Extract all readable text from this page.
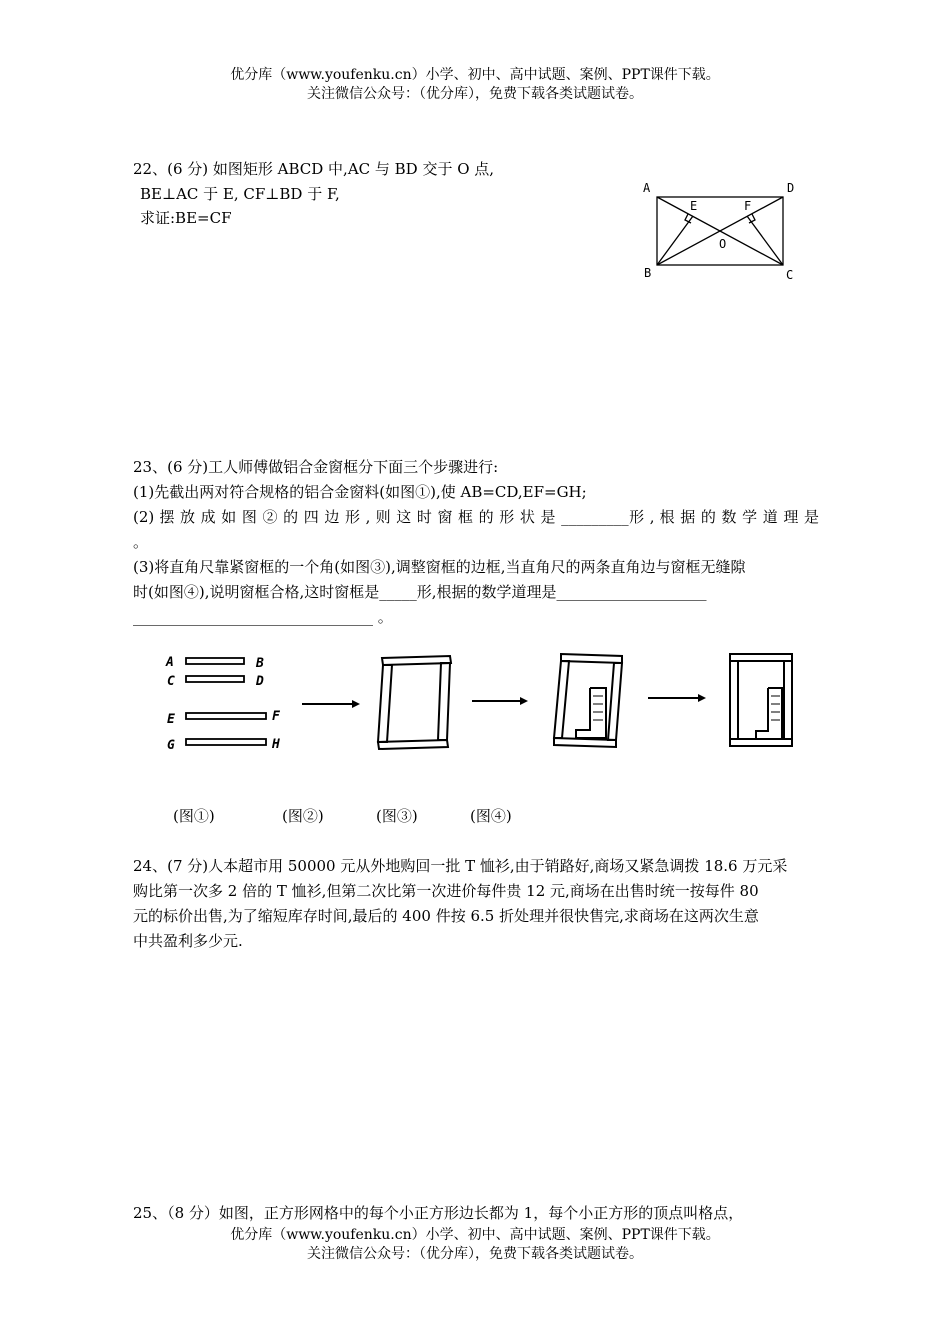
优分库（www.youfenku.cn）小学、初中、高中试题、案例、PPT课件下载。
关注微信公众号：（优分库），免费下载各类试题试卷。
22、(6 分) 如图矩形 ABCD 中,AC 与 BD 交于 O 点,
BE⊥AC 于 E, CF⊥BD 于 F,
求证:BE=CF
A	D
B	C
E	F
O
23、(6 分)工人师傅做铝合金窗框分下面三个步骤进行:
(1)先截出两对符合规格的铝合金窗料(如图①),使 AB=CD,EF=GH;
(2) 摆 放 成 如 图 ② 的 四 边 形 , 则 这 时 窗 框 的 形 状 是 _________形 , 根 据 的 数 学 道 理 是
。
(3)将直角尺靠紧窗框的一个角(如图③),调整窗框的边框,当直角尺的两条直角边与窗框无缝隙
时(如图④),说明窗框合格,这时窗框是_____形,根据的数学道理是____________________
________________________________ 。
A	B
C	D
E	F
G	H
(图①)	(图②)	(图③)	(图④)
24、(7 分)人本超市用 50000 元从外地购回一批 T 恤衫,由于销路好,商场又紧急调拨 18.6 万元采
购比第一次多 2 倍的 T 恤衫,但第二次比第一次进价每件贵 12 元,商场在出售时统一按每件 80
元的标价出售,为了缩短库存时间,最后的 400 件按 6.5 折处理并很快售完,求商场在这两次生意
中共盈利多少元.
25、（8 分）如图，正方形网格中的每个小正方形边长都为 1，每个小正方形的顶点叫格点，
优分库（www.youfenku.cn）小学、初中、高中试题、案例、PPT课件下载。
关注微信公众号：（优分库），免费下载各类试题试卷。
